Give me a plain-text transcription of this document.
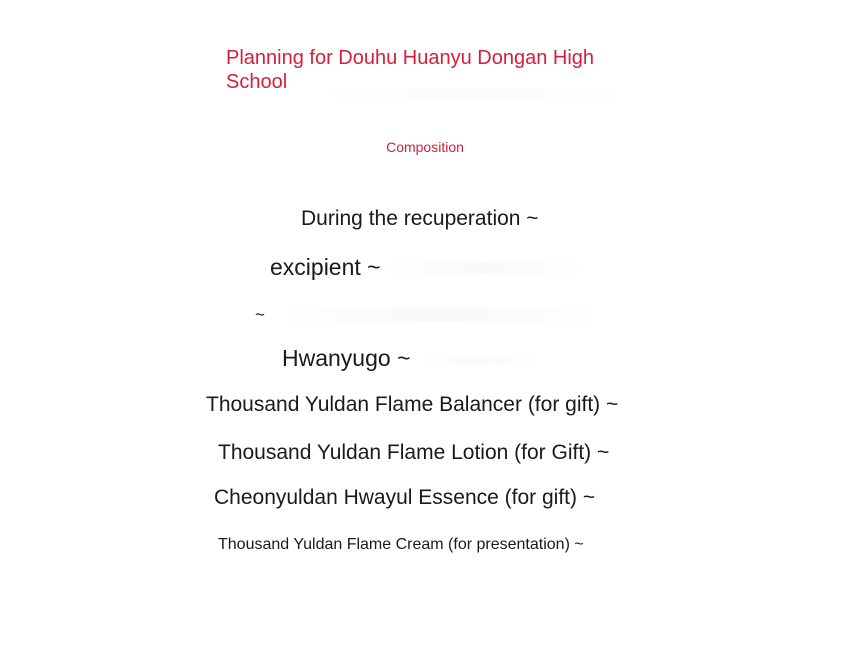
Planning for Douhu Huanyu Dongan High School
Composition
During the recuperation ~
excipient ~
~
Hwanyugo ~
Thousand Yuldan Flame Balancer (for gift) ~
Thousand Yuldan Flame Lotion (for Gift) ~
Cheonyuldan Hwayul Essence (for gift) ~
Thousand Yuldan Flame Cream (for presentation) ~
